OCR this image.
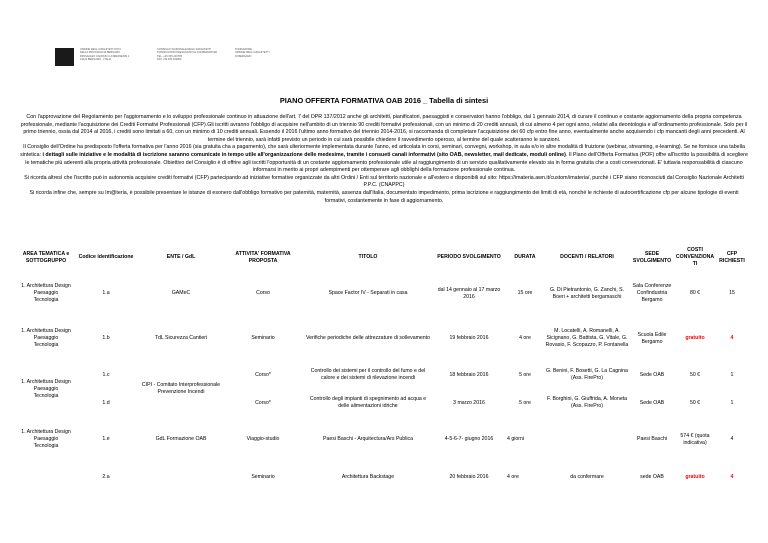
ORDINE DEGLI ARCHITETTI P.P.C.
DELLA PROVINCIA DI BERGAMO
PASSAGGIO CANONICI LATERANENSI 1
24121 BERGAMO - ITALIA
CONSIGLIO NAZIONALE DEGLI ARCHITETTI
PIANIFICATORI PAESAGGISTI E CONSERVATORI
TEL. +39 035 219705
FAX +39 035 219900
FONDAZIONE
ORDINE DEGLI ARCHITETTI
DI BERGAMO
PIANO OFFERTA FORMATIVA OAB 2016 _ Tabella di sintesi

Con l'approvazione del Regolamento per l'aggiornamento e lo sviluppo professionale continuo in attuazione dell'art. 7 del DPR 137/2012 anche gli architetti, pianificatori, paesaggisti e conservatori hanno l'obbligo, dal 1 gennaio 2014, di curare il continuo e costante aggiornamento della propria competenza professionale, mediante l'acquisizione dei Crediti Formativi Professionali (CFP).Gli iscritti avranno l'obbligo di acquisire nell'ambito di un triennio 90 crediti formativi professionali, con un minimo di 20 crediti annuali, di cui almeno 4 per ogni anno, relativi alla deontologia e all'ordinamento professionale. Solo per il primo triennio, ossia dal 2014 al 2016, i crediti sono limitati a 60, con un minimo di 10 crediti annuali. Essendo il 2016 l'ultimo anno formativo del triennio 2014-2016, si raccomanda di completare l'acquisizione dei 60 cfp entro fine anno, eventualmente anche acquisendo i cfp mancanti degli anni precedenti. Al termine del triennio, sarà infatti previsto un periodo in cui sarà possibile chiedere il ravvedimento operoso, al termine del quale scatteranno le sanzioni.

Il Consiglio dell'Ordine ha predisposto l'offerta formativa per l'anno 2016 (sia gratuita cha a pagamento), che sarà ulteriormente implementata durante l'anno, ed articolata in corsi, seminari, convegni, workshop, in aula e/o in altre modalità di fruizione (webinar, streaming, e-learning). Se ne fornisce una tabella sintetica: i dettagli sulle iniziative e le modalità di iscrizione saranno comunicate in tempo utile all'organizzazione delle medesime, tramite i consueti canali informativi (sito OAB, newsletter, mail dedicate, moduli online). Il Piano dell'Offerta Formativa (POF) offre all'iscritto la possibilità di scegliere le tematiche più aderenti alla propria attività professionale. Obiettivo del Consiglio è di offrire agli iscritti l'opportunità di un costante aggiornamento professionale utile al raggiungimento di un servizio qualitativamente elevato sia in forma gratuita che a costi convenzionati. E' tuttavia responsabilità di ciascuno informarsi in merito ai propri adempimenti per ottemperare agli obblighi della formazione professionale continua.

Si ricorda altresì che l'iscritto può in autonomia acquisire crediti formativi (CFP) partecipando ad iniziative formative organizzate da altri Ordini / Enti sul territorio nazionale e all'estero e disponibili sul sito: https://imateria.awn.it/custom/imateria/, purchè i CFP siano riconosciuti dal Consiglio Nazionale Architetti P.P.C. (CNAPPC)

Si ricorda infine che, sempre su Im@teria, è possibile presentare le istanze di esonero dall'obbligo formativo per paternità, maternità, assenza dall'Italia, documentato impedimento, prima iscrizione e raggiungimento dei limiti di età, nonché le richieste di autocertificazione cfp per alcune tipologie di eventi formativi, costantemente in fase di aggiornamento.

AREA TEMATICA e SOTTOGRUPPO	Codice identificazione	ENTE / GdL	ATTIVITA' FORMATIVA PROPOSTA	TITOLO	PERIODO SVOLGIMENTO	DURATA	DOCENTI / RELATORI	SEDE SVOLGIMENTO	COSTI CONVENZIONATI	CFP RICHIESTI
1. Architettura Design Paesaggio Tecnologia	1.a	GAMeC	Corso	Space Factor IV - Separati in casa	dal 14 gennaio al 17 marzo 2016	15 ore	G. Di Pietrantonio, G. Zanchi, S. Boeri + architetti bergamaschi	Sala Conferenze Confindustria Bergamo	80 €	15
1. Architettura Design Paesaggio Tecnologia	1.b	TdL Sicurezza Cantieri	Seminario	Verifiche periodiche delle attrezzature di sollevamento	19 febbraio 2016	4 ore	M. Locatelli, A. Romanelli, A. Sicignano, G. Battista, G. Vitale, G. Rovasio, F. Scopazzo, P. Fontanella	Scuola Edile Bergamo	gratuito	4
1. Architettura Design Paesaggio Tecnologia	1.c	CIPI - Comitato Interprofessionale Prevenzione Incendi	Corso*	Controllo dei sistemi per il controllo del fumo e del calore e dei sistemi di rilevazione incendi	18 febbraio 2016	5 ore	G. Benini, F. Bosetti, G. La Cagnina (Ass. FirePro)	Sede OAB	50 €	1
	1.d		Corso*	Controllo degli impianti di spegnimento ad acqua e delle alimentazioni idriche	3 marzo 2016	5 ore	F. Borghini, G. Giuffrida, A. Moneta (Ass. FirePro)	Sede OAB	50 €	1
1. Architettura Design Paesaggio Tecnologia	1.e	GdL Formazione OAB	Viaggio-studio	Paesi Baschi - Arquitectura/Ars Publica	4-5-6-7- giugno 2016	4 giorni		Paesi Baschi	574 € (quota indicativa)	4
	2.a		Seminario	Architettura Backstage	20 febbraio 2016	4 ore	da confermare	sede OAB	gratuito	4
